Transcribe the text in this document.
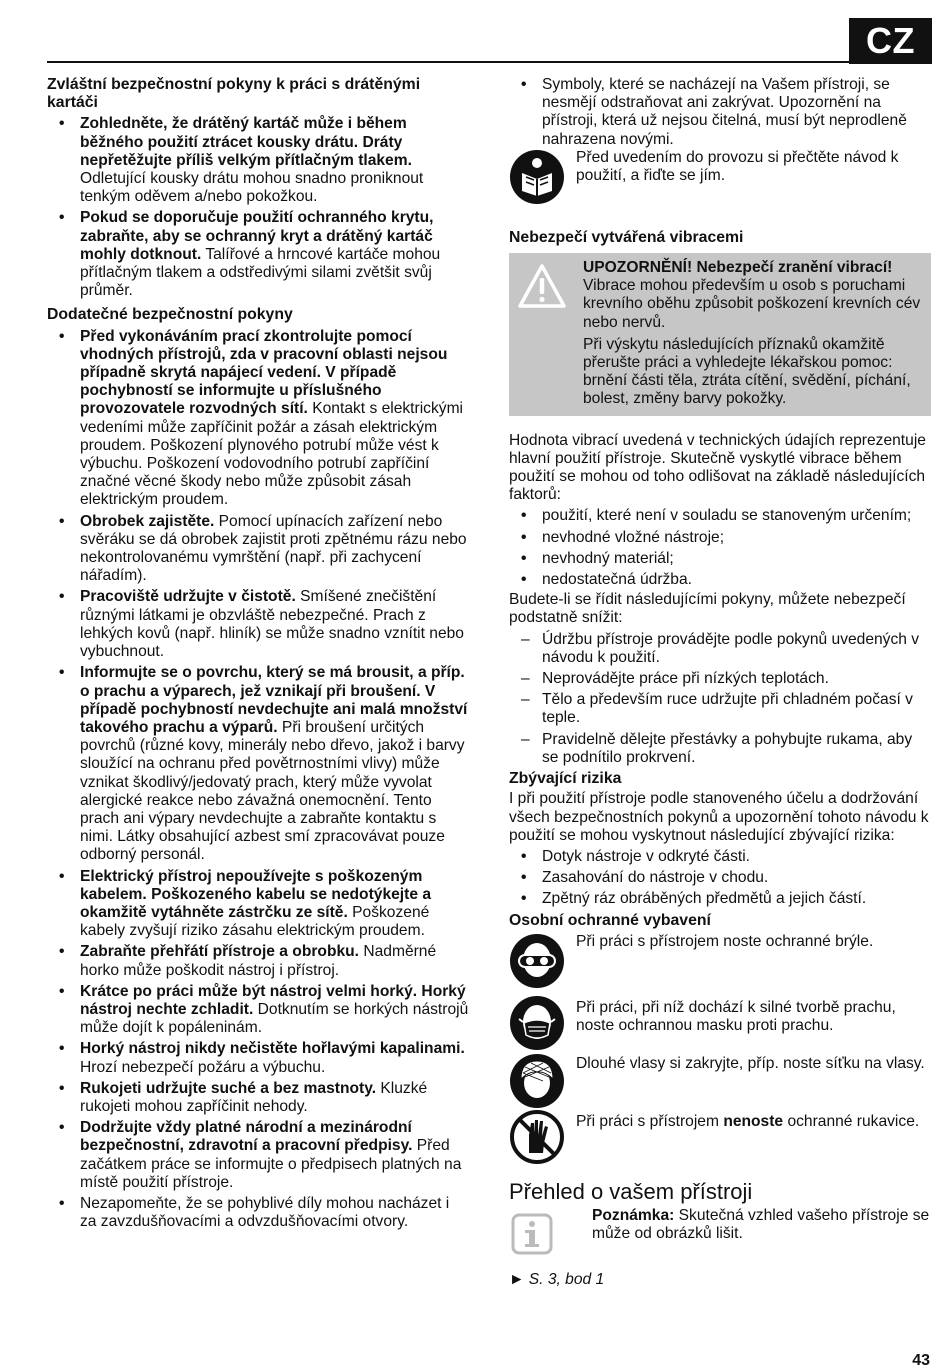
CZ
Zvláštní bezpečnostní pokyny k práci s drátěnými kartáči
• Zohledněte, že drátěný kartáč může i během běžného použití ztrácet kousky drátu. Dráty nepřetěžujte příliš velkým přítlačným tlakem. Odletující kousky drátu mohou snadno proniknout tenkým oděvem a/nebo pokožkou.
• Pokud se doporučuje použití ochranného krytu, zabraňte, aby se ochranný kryt a drátěný kartáč mohly dotknout. Talířové a hrncové kartáče mohou přítlačným tlakem a odstředivými silami zvětšit svůj průměr.
Dodatečné bezpečnostní pokyny
• Před vykonáváním prací zkontrolujte pomocí vhodných přístrojů, zda v pracovní oblasti nejsou případně skrytá napájecí vedení. V případě pochybností se informujte u příslušného provozovatele rozvodných sítí. Kontakt s elektrickými vedeními může zapříčinit požár a zásah elektrickým proudem. Poškození plynového potrubí může vést k výbuchu. Poškození vodovodního potrubí zapříčiní značné věcné škody nebo může způsobit zásah elektrickým proudem.
• Obrobek zajistěte. Pomocí upínacích zařízení nebo svěráku se dá obrobek zajistit proti zpětnému rázu nebo nekontrolovanému vymrštění (např. při zachycení nářadím).
• Pracoviště udržujte v čistotě. Smíšené znečištění různými látkami je obzvláště nebezpečné. Prach z lehkých kovů (např. hliník) se může snadno vznítit nebo vybuchnout.
• Informujte se o povrchu, který se má brousit, a příp. o prachu a výparech, jež vznikají při broušení. V případě pochybností nevdechujte ani malá množství takového prachu a výparů. Při broušení určitých povrchů (různé kovy, minerály nebo dřevo, jakož i barvy sloužící na ochranu před povětrnostními vlivy) může vznikat škodlivý/jedovatý prach, který může vyvolat alergické reakce nebo závažná onemocnění. Tento prach ani výpary nevdechujte a zabraňte kontaktu s nimi. Látky obsahující azbest smí zpracovávat pouze odborný personál.
• Elektrický přístroj nepoužívejte s poškozeným kabelem. Poškozeného kabelu se nedotýkejte a okamžitě vytáhněte zástrčku ze sítě. Poškozené kabely zvyšují riziko zásahu elektrickým proudem.
• Zabraňte přehřátí přístroje a obrobku. Nadměrné horko může poškodit nástroj i přístroj.
• Krátce po práci může být nástroj velmi horký. Horký nástroj nechte zchladit. Dotknutím se horkých nástrojů může dojít k popáleninám.
• Horký nástroj nikdy nečistěte hořlavými kapalinami. Hrozí nebezpečí požáru a výbuchu.
• Rukojeti udržujte suché a bez mastnoty. Kluzké rukojeti mohou zapříčinit nehody.
• Dodržujte vždy platné národní a mezinárodní bezpečnostní, zdravotní a pracovní předpisy. Před začátkem práce se informujte o předpisech platných na místě použití přístroje.
• Nezapomeňte, že se pohyblivé díly mohou nacházet i za zavzdušňovacími a odvzdušňovacími otvory.
• Symboly, které se nacházejí na Vašem přístroji, se nesmějí odstraňovat ani zakrývat. Upozornění na přístroji, která už nejsou čitelná, musí být neprodleně nahrazena novými.
Před uvedením do provozu si přečtěte návod k použití, a řiďte se jím.
Nebezpečí vytvářená vibracemi
UPOZORNĚNÍ! Nebezpečí zranění vibrací! Vibrace mohou především u osob s poruchami krevního oběhu způsobit poškození krevních cév nebo nervů.
Při výskytu následujících příznaků okamžitě přerušte práci a vyhledejte lékařskou pomoc: brnění části těla, ztráta cítění, svědění, píchání, bolest, změny barvy pokožky.

Hodnota vibrací uvedená v technických údajích reprezentuje hlavní použití přístroje. Skutečně vyskytlé vibrace během použití se mohou od toho odlišovat na základě následujících faktorů:

• použití, které není v souladu se stanoveným určením;
• nevhodné vložné nástroje;
• nevhodný materiál;
• nedostatečná údržba.

Budete-li se řídit následujícími pokyny, můžete nebezpečí podstatně snížit:

– Údržbu přístroje provádějte podle pokynů uvedených v návodu k použití.
– Neprovádějte práce při nízkých teplotách.
– Tělo a především ruce udržujte při chladném počasí v teple.
– Pravidelně dělejte přestávky a pohybujte rukama, aby se podnítilo prokrvení.
Zbývající rizika

I při použití přístroje podle stanoveného účelu a dodržování všech bezpečnostních pokynů a upozornění tohoto návodu k použití se mohou vyskytnout následující zbývající rizika:

• Dotyk nástroje v odkryté části.
• Zasahování do nástroje v chodu.
• Zpětný ráz obráběných předmětů a jejich částí.
Osobní ochranné vybavení
Při práci s přístrojem noste ochranné brýle.
Při práci, při níž dochází k silné tvorbě prachu, noste ochrannou masku proti prachu.
Dlouhé vlasy si zakryjte, příp. noste síťku na vlasy.
Při práci s přístrojem nenoste ochranné rukavice.
Přehled o vašem přístroji
Poznámka: Skutečná vzhled vašeho přístroje se může od obrázků lišit.
► S. 3, bod 1
43
